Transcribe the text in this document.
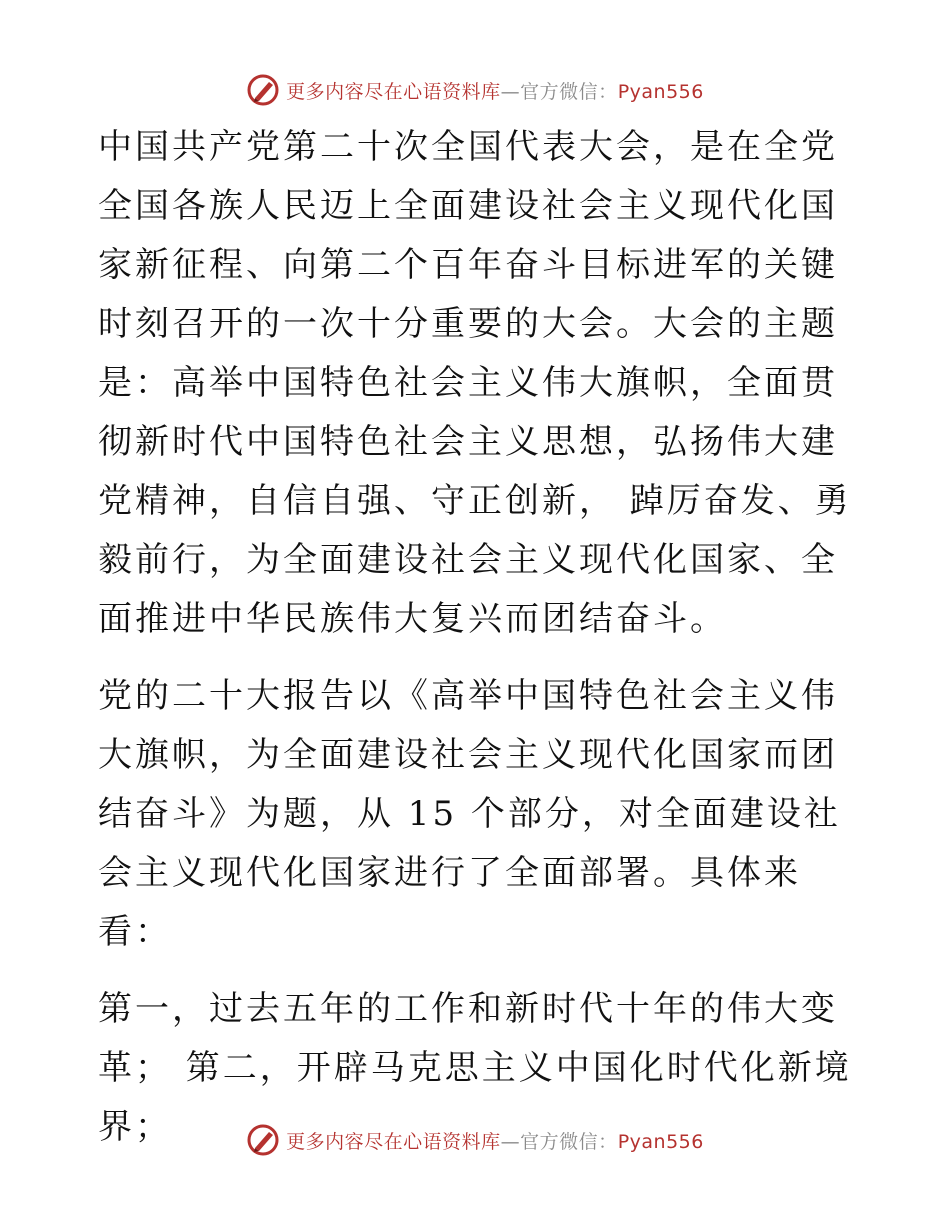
更多内容尽在心语资料库—官方微信：Pyan556

中国共产党第二十次全国代表大会，是在全党全国各族人民迈上全面建设社会主义现代化国家新征程、向第二个百年奋斗目标进军的关键时刻召开的一次十分重要的大会。大会的主题是：高举中国特色社会主义伟大旗帜，全面贯彻新时代中国特色社会主义思想，弘扬伟大建党精神，自信自强、守正创新， 踔厉奋发、勇毅前行，为全面建设社会主义现代化国家、全面推进中华民族伟大复兴而团结奋斗。

党的二十大报告以《高举中国特色社会主义伟大旗帜，为全面建设社会主义现代化国家而团结奋斗》为题，从 15 个部分，对全面建设社会主义现代化国家进行了全面部署。具体来看：

第一，过去五年的工作和新时代十年的伟大变革； 第二，开辟马克思主义中国化时代化新境界；	更多内容尽在心语资料库—官方微信：Pyan556
